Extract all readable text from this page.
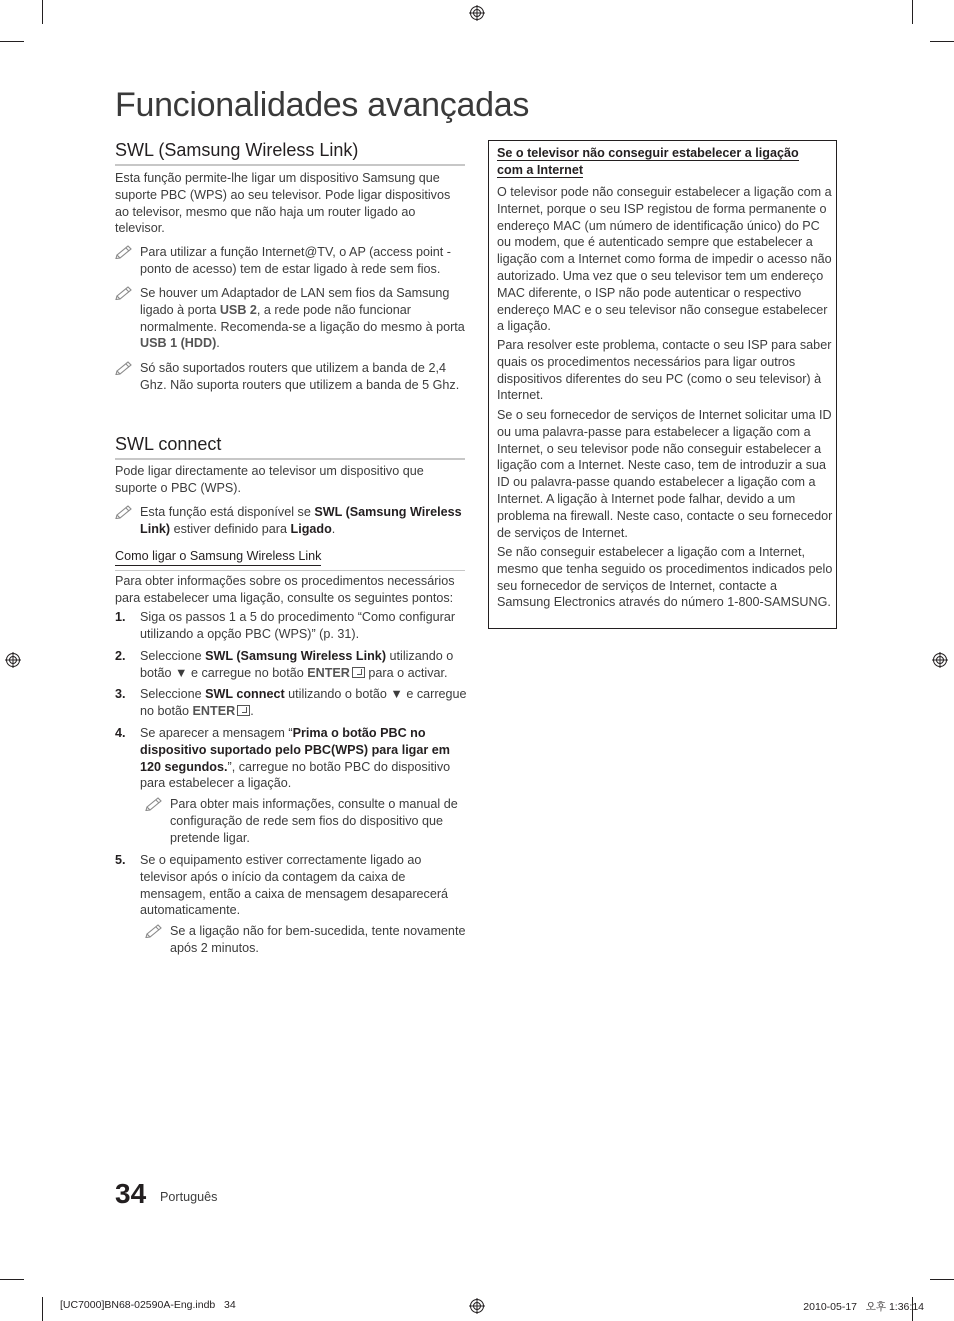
Funcionalidades avançadas
SWL (Samsung Wireless Link)
Esta função permite-lhe ligar um dispositivo Samsung que suporte PBC (WPS) ao seu televisor. Pode ligar dispositivos ao televisor, mesmo que não haja um router ligado ao televisor.
Para utilizar a função Internet@TV, o AP (access point - ponto de acesso) tem de estar ligado à rede sem fios.
Se houver um Adaptador de LAN sem fios da Samsung ligado à porta USB 2, a rede pode não funcionar normalmente. Recomenda-se a ligação do mesmo à porta USB 1 (HDD).
Só são suportados routers que utilizem a banda de 2,4 Ghz. Não suporta routers que utilizem a banda de 5 Ghz.
SWL connect
Pode ligar directamente ao televisor um dispositivo que suporte o PBC (WPS).
Esta função está disponível se SWL (Samsung Wireless Link) estiver definido para Ligado.
Como ligar o Samsung Wireless Link
Para obter informações sobre os procedimentos necessários para estabelecer uma ligação, consulte os seguintes pontos:
1. Siga os passos 1 a 5 do procedimento “Como configurar utilizando a opção PBC (WPS)” (p. 31).
2. Seleccione SWL (Samsung Wireless Link) utilizando o botão ▼ e carregue no botão ENTER para o activar.
3. Seleccione SWL connect utilizando o botão ▼ e carregue no botão ENTER .
4. Se aparecer a mensagem “Prima o botão PBC no dispositivo suportado pelo PBC(WPS) para ligar em 120 segundos.”, carregue no botão PBC do dispositivo para estabelecer a ligação.
Para obter mais informações, consulte o manual de configuração de rede sem fios do dispositivo que pretende ligar.
5. Se o equipamento estiver correctamente ligado ao televisor após o início da contagem da caixa de mensagem, então a caixa de mensagem desaparecerá automaticamente.
Se a ligação não for bem-sucedida, tente novamente após 2 minutos.
Se o televisor não conseguir estabelecer a ligação com a Internet
O televisor pode não conseguir estabelecer a ligação com a Internet, porque o seu ISP registou de forma permanente o endereço MAC (um número de identificação único) do PC ou modem, que é autenticado sempre que estabelecer a ligação com a Internet como forma de impedir o acesso não autorizado. Uma vez que o seu televisor tem um endereço MAC diferente, o ISP não pode autenticar o respectivo endereço MAC e o seu televisor não consegue estabelecer a ligação.
Para resolver este problema, contacte o seu ISP para saber quais os procedimentos necessários para ligar outros dispositivos diferentes do seu PC (como o seu televisor) à Internet.
Se o seu fornecedor de serviços de Internet solicitar uma ID ou uma palavra-passe para estabelecer a ligação com a Internet, o seu televisor pode não conseguir estabelecer a ligação com a Internet. Neste caso, tem de introduzir a sua ID ou palavra-passe quando estabelecer a ligação com a Internet. A ligação à Internet pode falhar, devido a um problema na firewall. Neste caso, contacte o seu fornecedor de serviços de Internet.
Se não conseguir estabelecer a ligação com a Internet, mesmo que tenha seguido os procedimentos indicados pelo seu fornecedor de serviços de Internet, contacte a Samsung Electronics através do número 1-800-SAMSUNG.
34 Português
[UC7000]BN68-02590A-Eng.indb   34	2010-05-17   오후 1:36:14
